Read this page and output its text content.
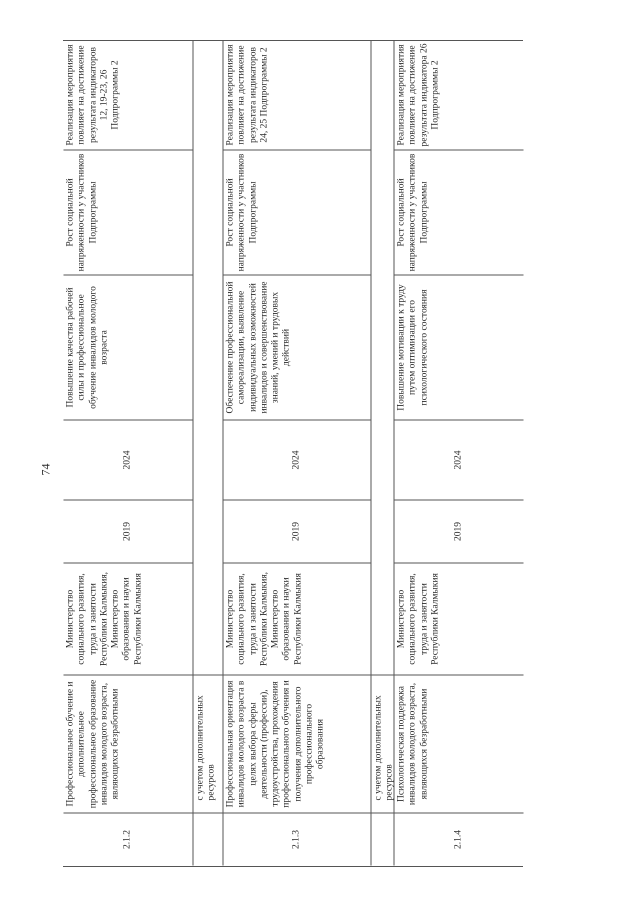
74
2.1.2
Профессиональное обучение и дополнительное профессиональное образование инвалидов молодого возраста, являющихся безработными
Министерство социального развития, труда и занятости Республики Калмыкия, Министерство образования и науки Республики Калмыкия
2019
2024
Повышение качества рабочей силы и профессиональное обучение инвалидов молодого возраста
Рост социальной напряженности у участников Подпрограммы
Реализация мероприятия повлияет на достижение результата индикаторов 12, 19-23, 26 Подпрограммы 2
с учетом дополнительных ресурсов
2.1.3
Профессиональная ориентация инвалидов молодого возраста в целях выбора сферы деятельности (профессии), трудоустройства, прохождения профессионального обучения и получения дополнительного профессионального образования
Министерство социального развития, труда и занятости Республики Калмыкия, Министерство образования и науки Республики Калмыкия
2019
2024
Обеспечение профессиональной самореализации, выявление индивидуальных возможностей инвалидов и совершенствование знаний, умений и трудовых действий
Рост социальной напряженности у участников Подпрограммы
Реализация мероприятия повлияет на достижение результата индикаторов 24, 25 Подпрограммы 2
с учетом дополнительных ресурсов
2.1.4
Психологическая поддержка инвалидов молодого возраста, являющихся безработными
Министерство социального развития, труда и занятости Республики Калмыкия
2019
2024
Повышение мотивации к труду путем оптимизации его психологического состояния
Рост социальной напряженности у участников Подпрограммы
Реализация мероприятия повлияет на достижение результата индикатора 26 Подпрограммы 2
